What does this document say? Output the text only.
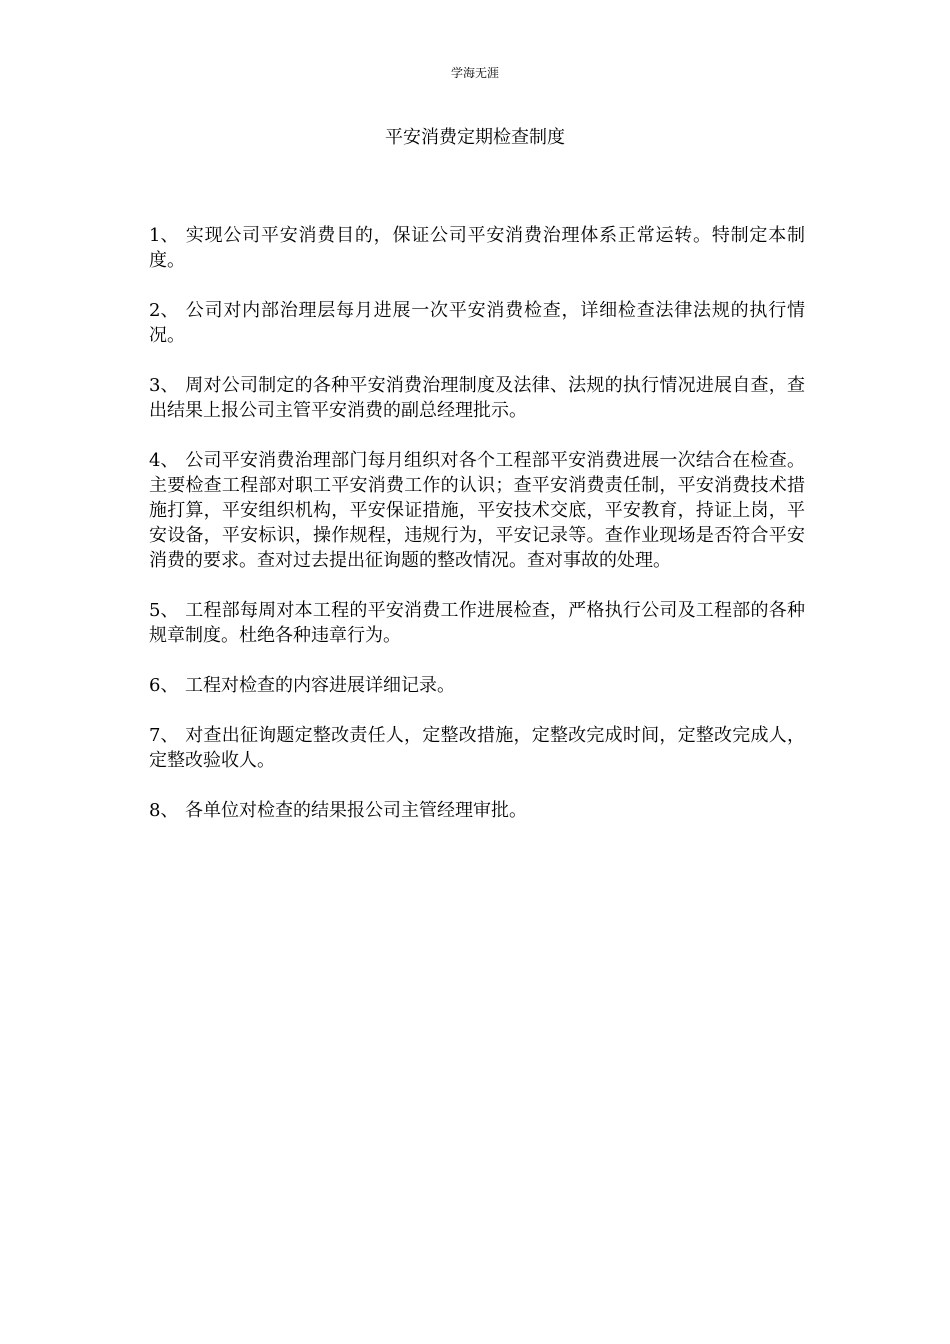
学海无涯
平安消费定期检查制度

1、 实现公司平安消费目的，保证公司平安消费治理体系正常运转。特制定本制度。

2、 公司对内部治理层每月进展一次平安消费检查，详细检查法律法规的执行情况。

3、 周对公司制定的各种平安消费治理制度及法律、法规的执行情况进展自查，查出结果上报公司主管平安消费的副总经理批示。

4、 公司平安消费治理部门每月组织对各个工程部平安消费进展一次结合在检查。主要检查工程部对职工平安消费工作的认识；查平安消费责任制，平安消费技术措施打算，平安组织机构，平安保证措施，平安技术交底，平安教育，持证上岗，平安设备，平安标识，操作规程，违规行为，平安记录等。查作业现场是否符合平安消费的要求。查对过去提出征询题的整改情况。查对事故的处理。

5、 工程部每周对本工程的平安消费工作进展检查，严格执行公司及工程部的各种规章制度。杜绝各种违章行为。

6、 工程对检查的内容进展详细记录。

7、 对查出征询题定整改责任人，定整改措施，定整改完成时间，定整改完成人，定整改验收人。

8、 各单位对检查的结果报公司主管经理审批。
